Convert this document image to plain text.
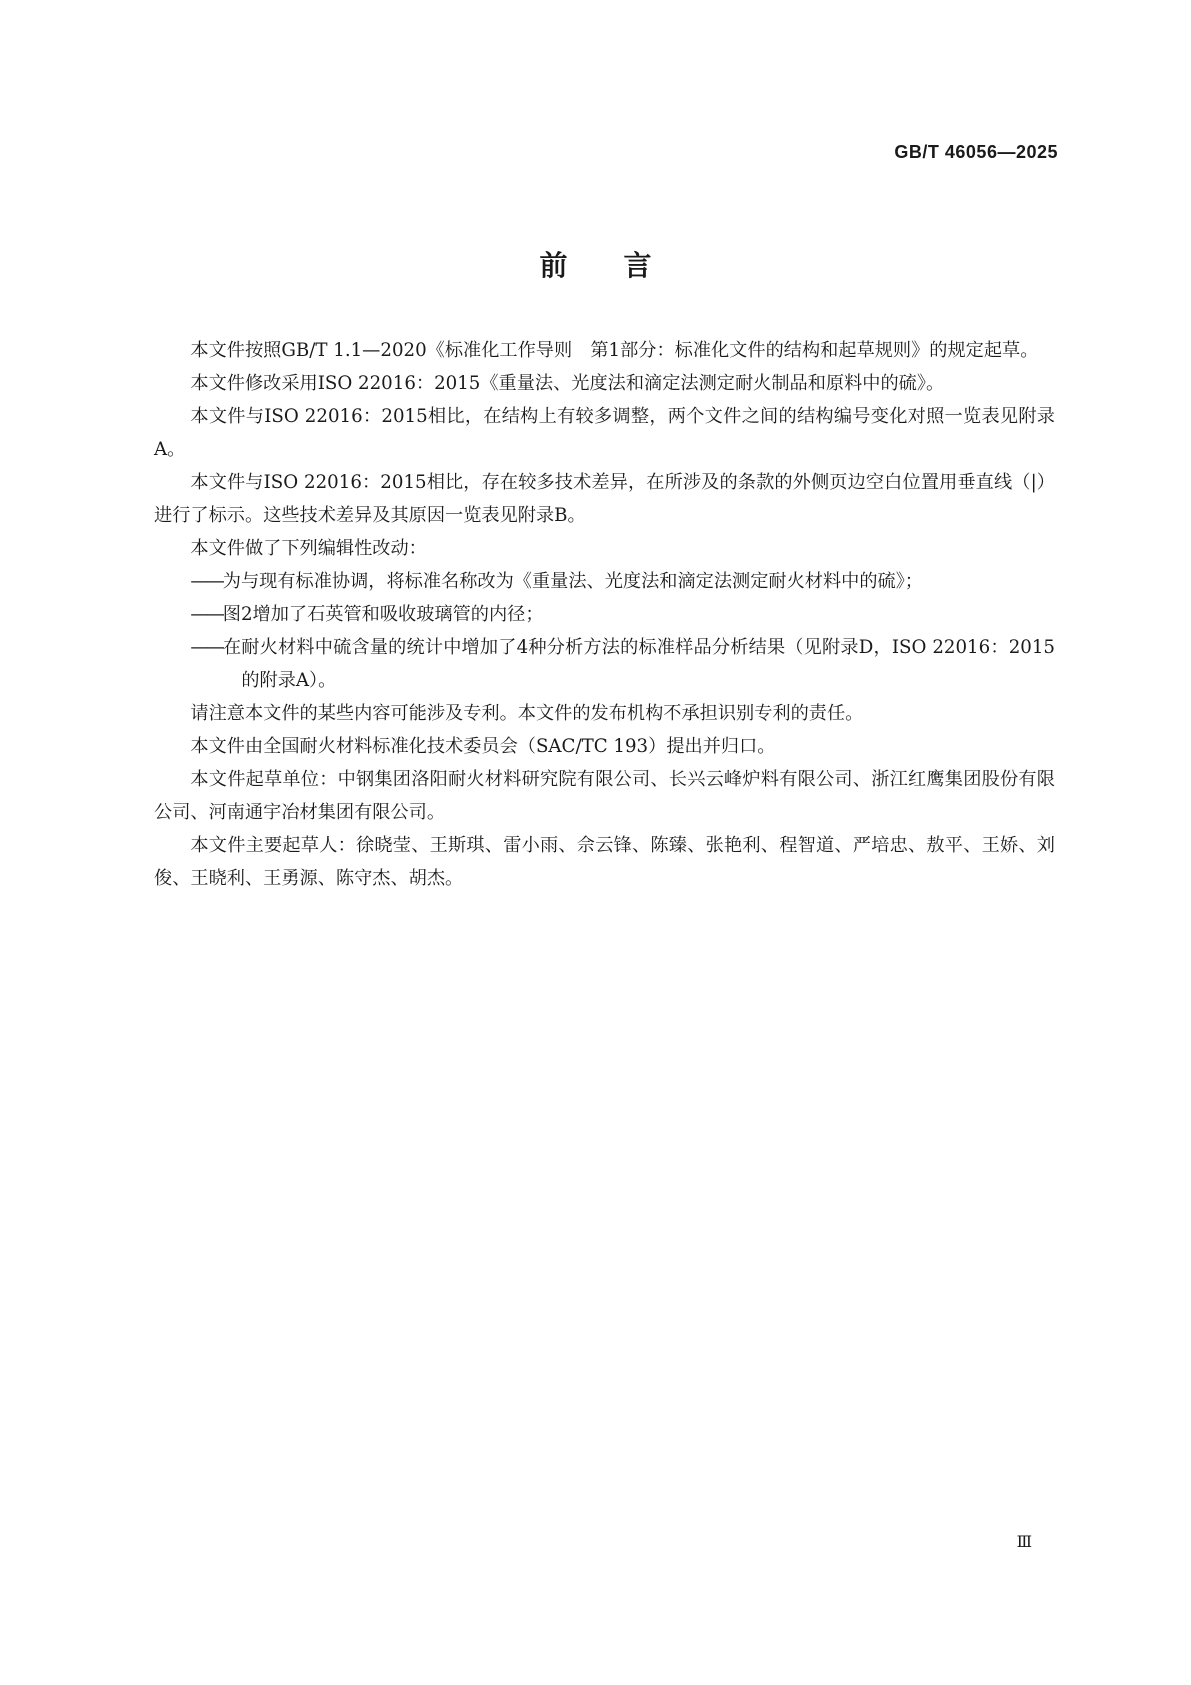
GB/T 46056—2025
前言

本文件按照GB/T 1.1—2020《标准化工作导则　第1部分：标准化文件的结构和起草规则》的规定起草。

本文件修改采用ISO 22016：2015《重量法、光度法和滴定法测定耐火制品和原料中的硫》。

本文件与ISO 22016：2015相比，在结构上有较多调整，两个文件之间的结构编号变化对照一览表见附录A。

本文件与ISO 22016：2015相比，存在较多技术差异，在所涉及的条款的外侧页边空白位置用垂直线（|）进行了标示。这些技术差异及其原因一览表见附录B。

本文件做了下列编辑性改动：

——为与现有标准协调，将标准名称改为《重量法、光度法和滴定法测定耐火材料中的硫》；

——图2增加了石英管和吸收玻璃管的内径；

——在耐火材料中硫含量的统计中增加了4种分析方法的标准样品分析结果（见附录D，ISO 22016：2015的附录A）。

请注意本文件的某些内容可能涉及专利。本文件的发布机构不承担识别专利的责任。

本文件由全国耐火材料标准化技术委员会（SAC/TC 193）提出并归口。

本文件起草单位：中钢集团洛阳耐火材料研究院有限公司、长兴云峰炉料有限公司、浙江红鹰集团股份有限公司、河南通宇冶材集团有限公司。

本文件主要起草人：徐晓莹、王斯琪、雷小雨、佘云锋、陈臻、张艳利、程智道、严培忠、敖平、王娇、刘俊、王晓利、王勇源、陈守杰、胡杰。

Ⅲ
